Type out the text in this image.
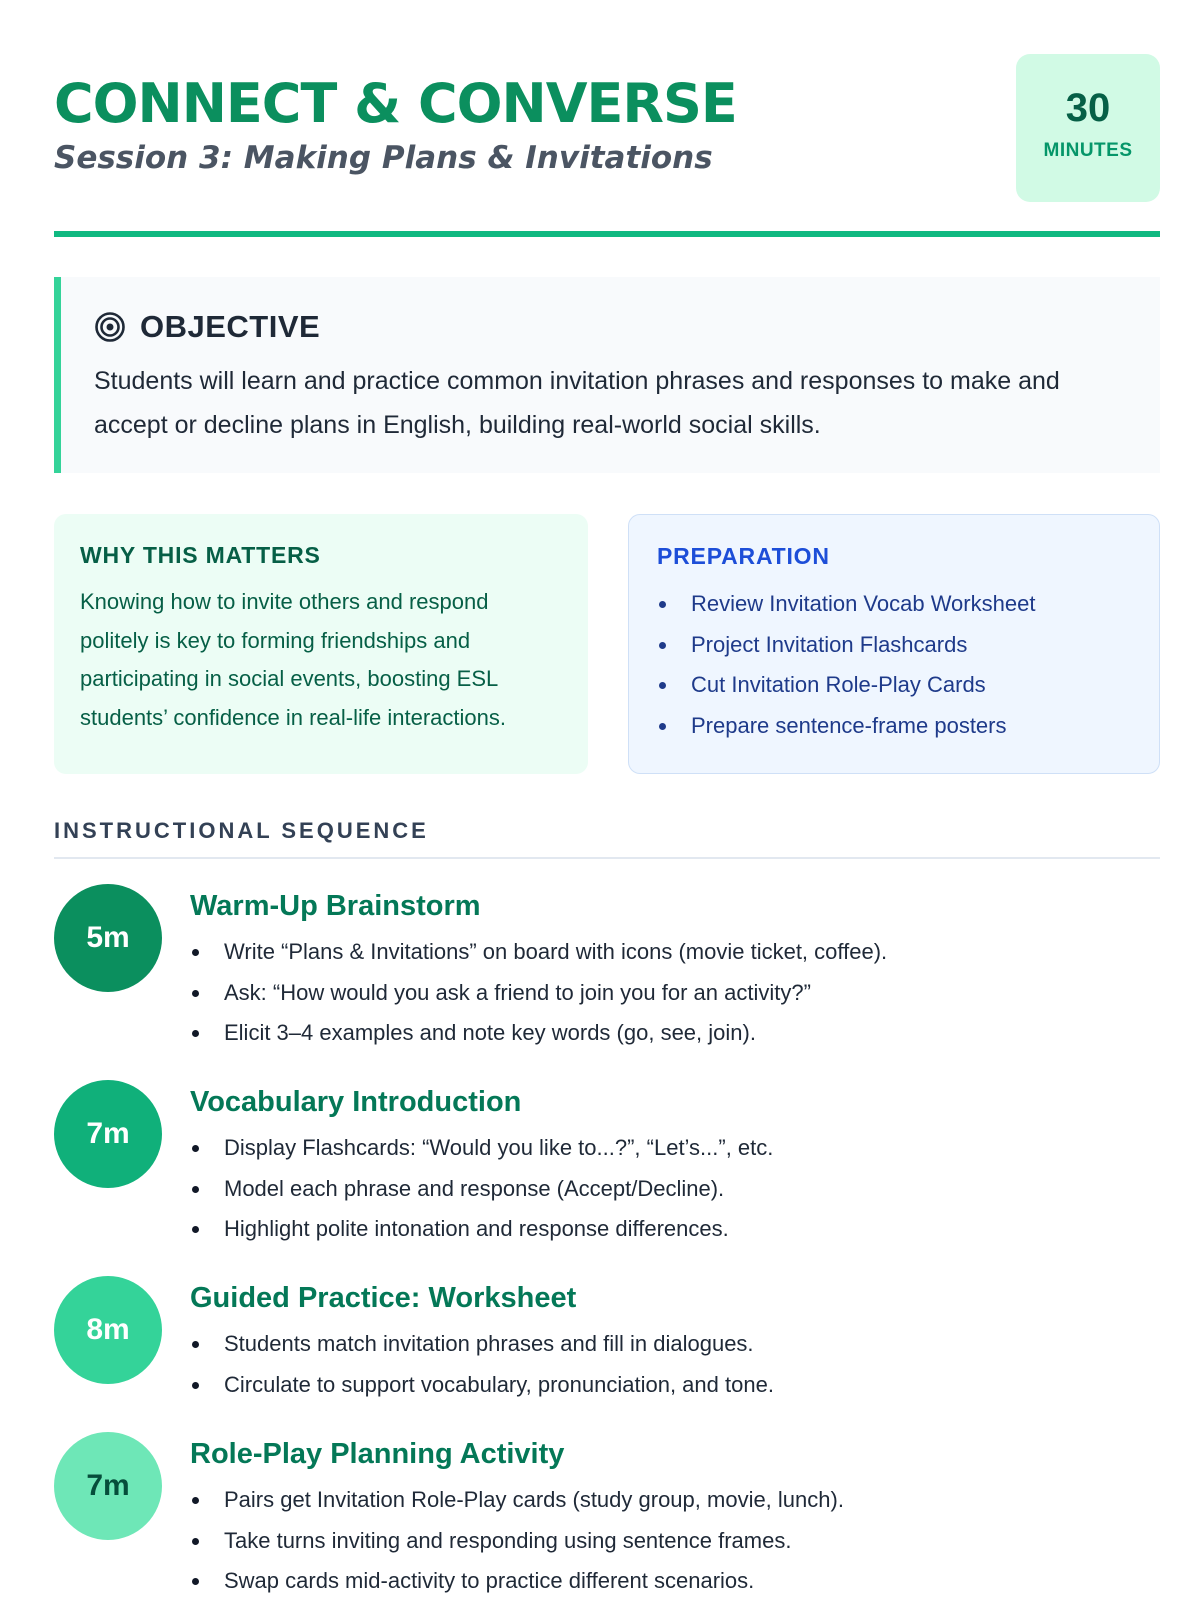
CONNECT & CONVERSE
Session 3: Making Plans & Invitations
30
MINUTES
OBJECTIVE

Students will learn and practice common invitation phrases and responses to make and accept or decline plans in English, building real-world social skills.

WHY THIS MATTERS

Knowing how to invite others and respond politely is key to forming friendships and participating in social events, boosting ESL students’ confidence in real-life interactions.

PREPARATION
Review Invitation Vocab Worksheet
Project Invitation Flashcards
Cut Invitation Role-Play Cards
Prepare sentence-frame posters
INSTRUCTIONAL SEQUENCE
5m
Warm-Up Brainstorm
Write “Plans & Invitations” on board with icons (movie ticket, coffee).
Ask: “How would you ask a friend to join you for an activity?”
Elicit 3–4 examples and note key words (go, see, join).
7m
Vocabulary Introduction
Display Flashcards: “Would you like to...?”, “Let’s...”, etc.
Model each phrase and response (Accept/Decline).
Highlight polite intonation and response differences.
8m
Guided Practice: Worksheet
Students match invitation phrases and fill in dialogues.
Circulate to support vocabulary, pronunciation, and tone.
7m
Role-Play Planning Activity
Pairs get Invitation Role-Play cards (study group, movie, lunch).
Take turns inviting and responding using sentence frames.
Swap cards mid-activity to practice different scenarios.
